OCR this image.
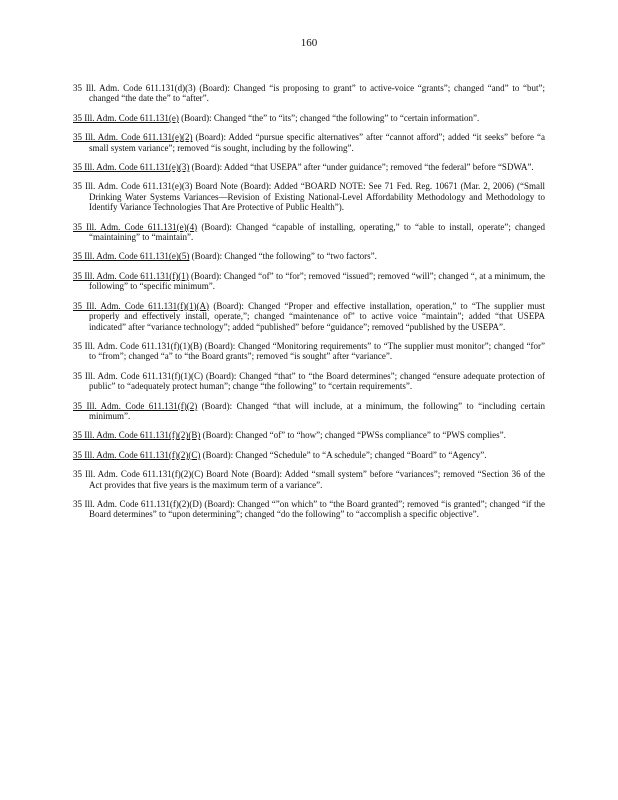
160

35 Ill. Adm. Code 611.131(d)(3) (Board): Changed “is proposing to grant” to active-voice “grants”; changed “and” to “but”; changed “the date the” to “after”.

35 Ill. Adm. Code 611.131(e) (Board): Changed “the” to “its”; changed “the following” to “certain information”.

35 Ill. Adm. Code 611.131(e)(2) (Board): Added “pursue specific alternatives” after “cannot afford”; added “it seeks” before “a small system variance”; removed “is sought, including by the following”.

35 Ill. Adm. Code 611.131(e)(3) (Board): Added “that USEPA” after “under guidance”; removed “the federal” before “SDWA”.

35 Ill. Adm. Code 611.131(e)(3) Board Note (Board): Added “BOARD NOTE: See 71 Fed. Reg. 10671 (Mar. 2, 2006) (“Small Drinking Water Systems Variances—Revision of Existing National-Level Affordability Methodology and Methodology to Identify Variance Technologies That Are Protective of Public Health”).

35 Ill. Adm. Code 611.131(e)(4) (Board): Changed “capable of installing, operating,” to “able to install, operate”; changed “maintaining” to “maintain”.

35 Ill. Adm. Code 611.131(e)(5) (Board): Changed “the following” to “two factors”.

35 Ill. Adm. Code 611.131(f)(1) (Board): Changed “of” to “for”; removed “issued”; removed “will”; changed “, at a minimum, the following” to “specific minimum”.

35 Ill. Adm. Code 611.131(f)(1)(A) (Board): Changed “Proper and effective installation, operation,” to “The supplier must properly and effectively install, operate,”; changed “maintenance of” to active voice “maintain”; added “that USEPA indicated” after “variance technology”; added “published” before “guidance”; removed “published by the USEPA”.

35 Ill. Adm. Code 611.131(f)(1)(B) (Board): Changed “Monitoring requirements” to “The supplier must monitor”; changed “for” to “from”; changed “a” to “the Board grants”; removed “is sought” after “variance”.

35 Ill. Adm. Code 611.131(f)(1)(C) (Board): Changed “that” to “the Board determines”; changed “ensure adequate protection of public” to “adequately protect human”; change “the following” to “certain requirements”.

35 Ill. Adm. Code 611.131(f)(2) (Board): Changed “that will include, at a minimum, the following” to “including certain minimum”.

35 Ill. Adm. Code 611.131(f)(2)(B) (Board): Changed “of” to “how”; changed “PWSs compliance” to “PWS complies”.

35 Ill. Adm. Code 611.131(f)(2)(C) (Board): Changed “Schedule” to “A schedule”; changed “Board” to “Agency”.

35 Ill. Adm. Code 611.131(f)(2)(C) Board Note (Board): Added “small system” before “variances”; removed “Section 36 of the Act provides that five years is the maximum term of a variance”.

35 Ill. Adm. Code 611.131(f)(2)(D) (Board): Changed “”on which” to “the Board granted”; removed “is granted”; changed “if the Board determines” to “upon determining”; changed “do the following” to “accomplish a specific objective”.
